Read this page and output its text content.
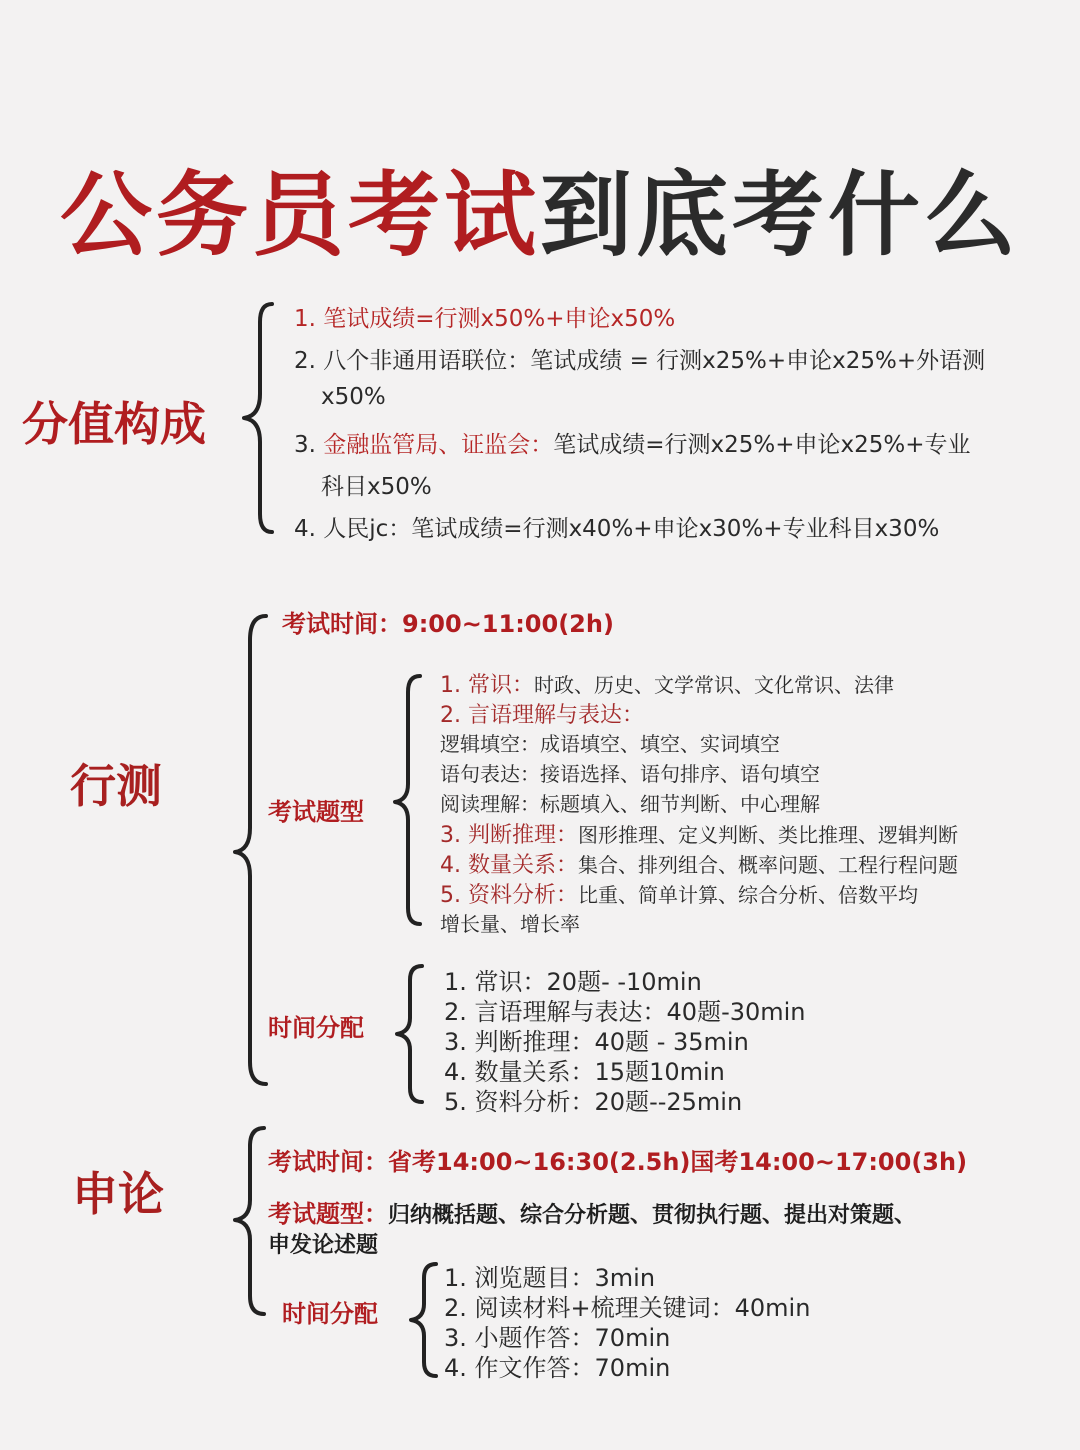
公务员考试到底考什么
分值构成
1. 笔试成绩=行测x50%+申论x50%
2. 八个非通用语联位：笔试成绩 = 行测x25%+申论x25%+外语测
x50%
3. 金融监管局、证监会：笔试成绩=行测x25%+申论x25%+专业
科目x50%
4. 人民jc：笔试成绩=行测x40%+申论x30%+专业科目x30%
行测
考试时间：9:00~11:00(2h)
考试题型
1. 常识：时政、历史、文学常识、文化常识、法律
2. 言语理解与表达：
逻辑填空：成语填空、填空、实词填空
语句表达：接语选择、语句排序、语句填空
阅读理解：标题填入、细节判断、中心理解
3. 判断推理：图形推理、定义判断、类比推理、逻辑判断
4. 数量关系：集合、排列组合、概率问题、工程行程问题
5. 资料分析：比重、简单计算、综合分析、倍数平均
增长量、增长率
时间分配
1. 常识：20题- -10min
2. 言语理解与表达：40题-30min
3. 判断推理：40题 - 35min
4. 数量关系：15题10min
5. 资料分析：20题--25min
申论
考试时间：省考14:00~16:30(2.5h)国考14:00~17:00(3h)
考试题型：归纳概括题、综合分析题、贯彻执行题、提出对策题、
申发论述题
时间分配
1. 浏览题目：3min
2. 阅读材料+梳理关键词：40min
3. 小题作答：70min
4. 作文作答：70min
